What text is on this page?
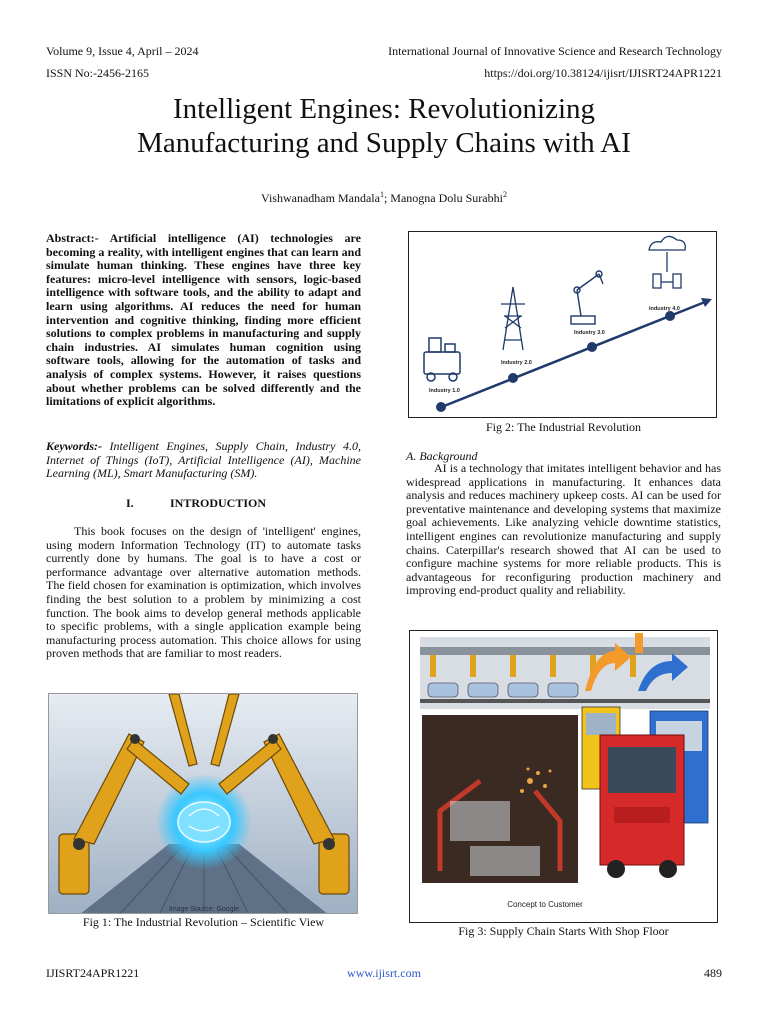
Volume 9, Issue 4, April – 2024	International Journal of Innovative Science and Research Technology
ISSN No:-2456-2165	https://doi.org/10.38124/ijisrt/IJISRT24APR1221
Intelligent Engines: Revolutionizing
Manufacturing and Supply Chains with AI
Vishwanadham Mandala$^1$; Manogna Dolu Surabhi$^2$
Abstract:- Artificial intelligence (AI) technologies are becoming a reality, with intelligent engines that can learn and simulate human thinking. These engines have three key features: micro-level intelligence with sensors, logic-based intelligence with software tools, and the ability to adapt and learn using algorithms. AI reduces the need for human intervention and cognitive thinking, finding more efficient solutions to complex problems in manufacturing and supply chain industries. AI simulates human cognition using software tools, allowing for the automation of tasks and analysis of complex systems. However, it raises questions about whether problems can be solved differently and the limitations of explicit algorithms.
Keywords:- Intelligent Engines, Supply Chain, Industry 4.0, Internet of Things (IoT), Artificial Intelligence (AI), Machine Learning (ML), Smart Manufacturing (SM).
I.	INTRODUCTION
This book focuses on the design of 'intelligent' engines, using modern Information Technology (IT) to automate tasks currently done by humans. The goal is to have a cost or performance advantage over alternative automation methods. The field chosen for examination is optimization, which involves finding the best solution to a problem by minimizing a cost function. The book aims to develop general methods applicable to specific problems, with a single application example being manufacturing process automation. This choice allows for using proven methods that are familiar to most readers.
Image Source: Google
Fig 1: The Industrial Revolution – Scientific View
Industry 1.0
Industry 2.0
Industry 3.0
Industry 4.0
Fig 2: The Industrial Revolution
A. Background
AI is a technology that imitates intelligent behavior and has widespread applications in manufacturing. It enhances data analysis and reduces machinery upkeep costs. AI can be used for preventative maintenance and developing systems that maximize goal achievements. Like analyzing vehicle downtime statistics, intelligent engines can revolutionize manufacturing and supply chains. Caterpillar's research showed that AI can be used to configure machine systems for more reliable products. This is advantageous for reconfiguring production machinery and improving end-product quality and reliability.
Concept to Customer
Fig 3: Supply Chain Starts With Shop Floor
IJISRT24APR1221	www.ijisrt.com	489
